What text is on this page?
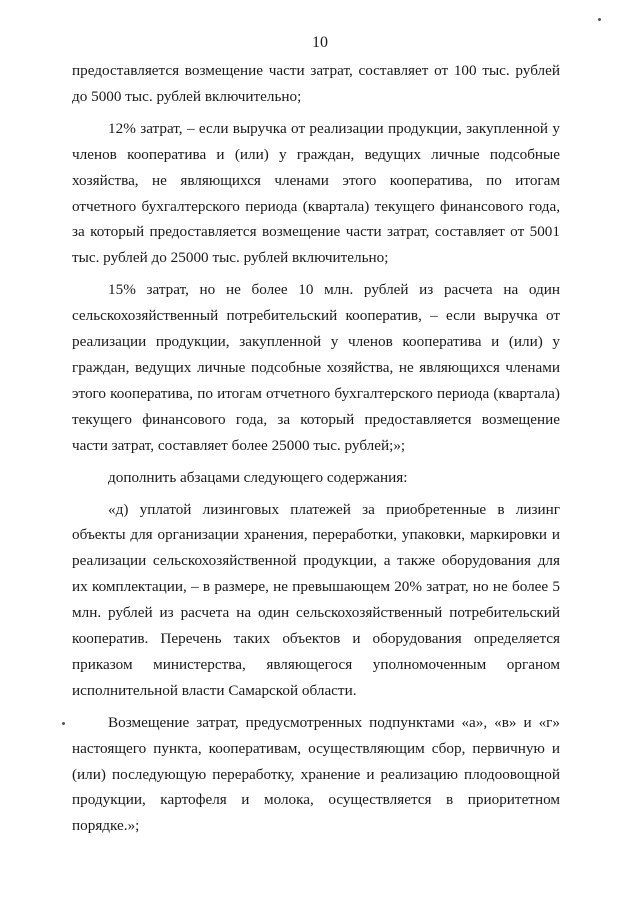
10

предоставляется возмещение части затрат, составляет от 100 тыс. рублей до 5000 тыс. рублей включительно;

12% затрат, – если выручка от реализации продукции, закупленной у членов кооператива и (или) у граждан, ведущих личные подсобные хозяйства, не являющихся членами этого кооператива, по итогам отчетного бухгалтерского периода (квартала) текущего финансового года, за который предоставляется возмещение части затрат, составляет от 5001 тыс. рублей до 25000 тыс. рублей включительно;

15% затрат, но не более 10 млн. рублей из расчета на один сельскохозяйственный потребительский кооператив, – если выручка от реализации продукции, закупленной у членов кооператива и (или) у граждан, ведущих личные подсобные хозяйства, не являющихся членами этого кооператива, по итогам отчетного бухгалтерского периода (квартала) текущего финансового года, за который предоставляется возмещение части затрат, составляет более 25000 тыс. рублей;»;

дополнить абзацами следующего содержания:

«д) уплатой лизинговых платежей за приобретенные в лизинг объекты для организации хранения, переработки, упаковки, маркировки и реализации сельскохозяйственной продукции, а также оборудования для их комплектации, – в размере, не превышающем 20% затрат, но не более 5 млн. рублей из расчета на один сельскохозяйственный потребительский кооператив. Перечень таких объектов и оборудования определяется приказом министерства, являющегося уполномоченным органом исполнительной власти Самарской области.

Возмещение затрат, предусмотренных подпунктами «а», «в» и «г» настоящего пункта, кооперативам, осуществляющим сбор, первичную и (или) последующую переработку, хранение и реализацию плодоовощной продукции, картофеля и молока, осуществляется в приоритетном порядке.»;
